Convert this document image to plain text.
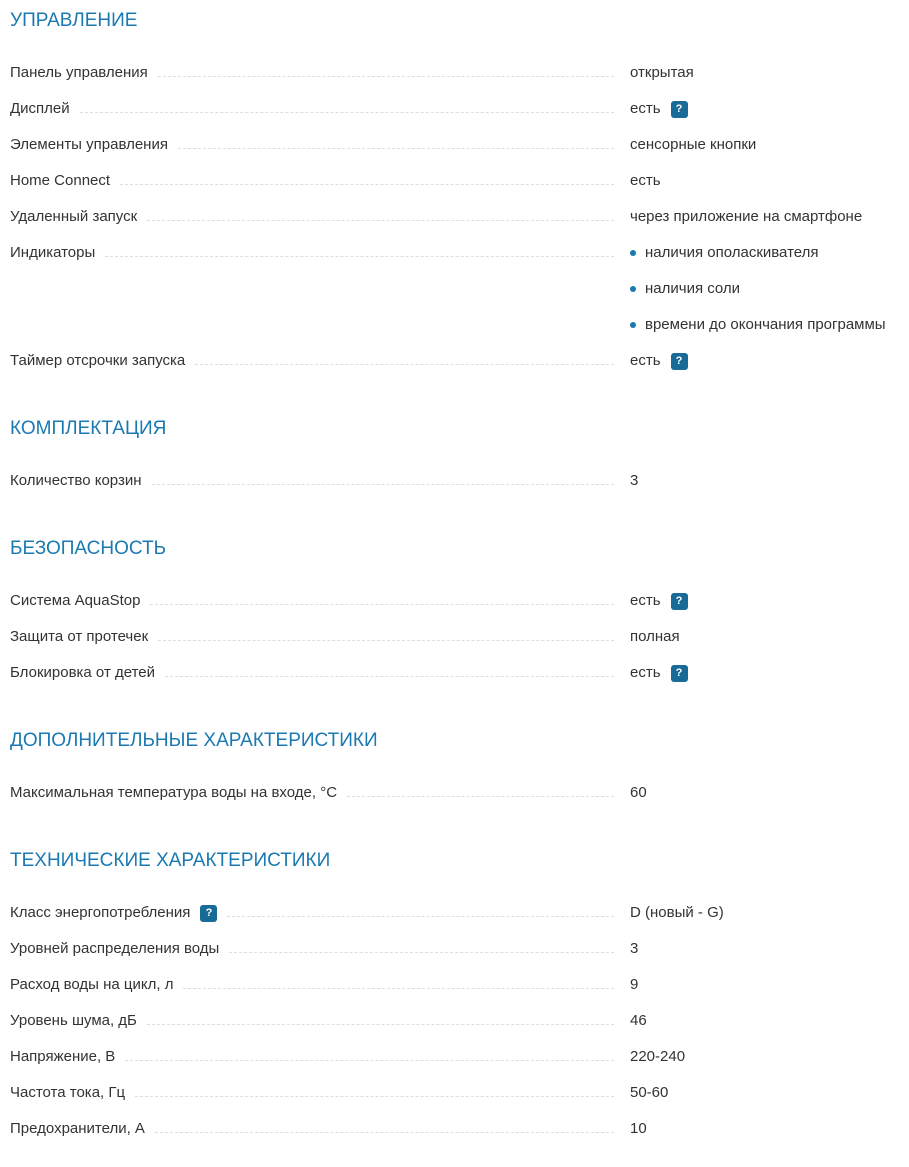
УПРАВЛЕНИЕ
Панель управления	открытая
Дисплей	есть	?
Элементы управления	сенсорные кнопки
Home Connect	есть
Удаленный запуск	через приложение на смартфоне
Индикаторы	наличия ополаскивателя
наличия соли
времени до окончания программы
Таймер отсрочки запуска	есть	?
КОМПЛЕКТАЦИЯ
Количество корзин	3
БЕЗОПАСНОСТЬ
Система AquaStop	есть	?
Защита от протечек	полная
Блокировка от детей	есть	?
ДОПОЛНИТЕЛЬНЫЕ ХАРАКТЕРИСТИКИ
Максимальная температура воды на входе, °C	60
ТЕХНИЧЕСКИЕ ХАРАКТЕРИСТИКИ
Класс энергопотребления	?	D (новый - G)
Уровней распределения воды	3
Расход воды на цикл, л	9
Уровень шума, дБ	46
Напряжение, В	220-240
Частота тока, Гц	50-60
Предохранители, А	10
